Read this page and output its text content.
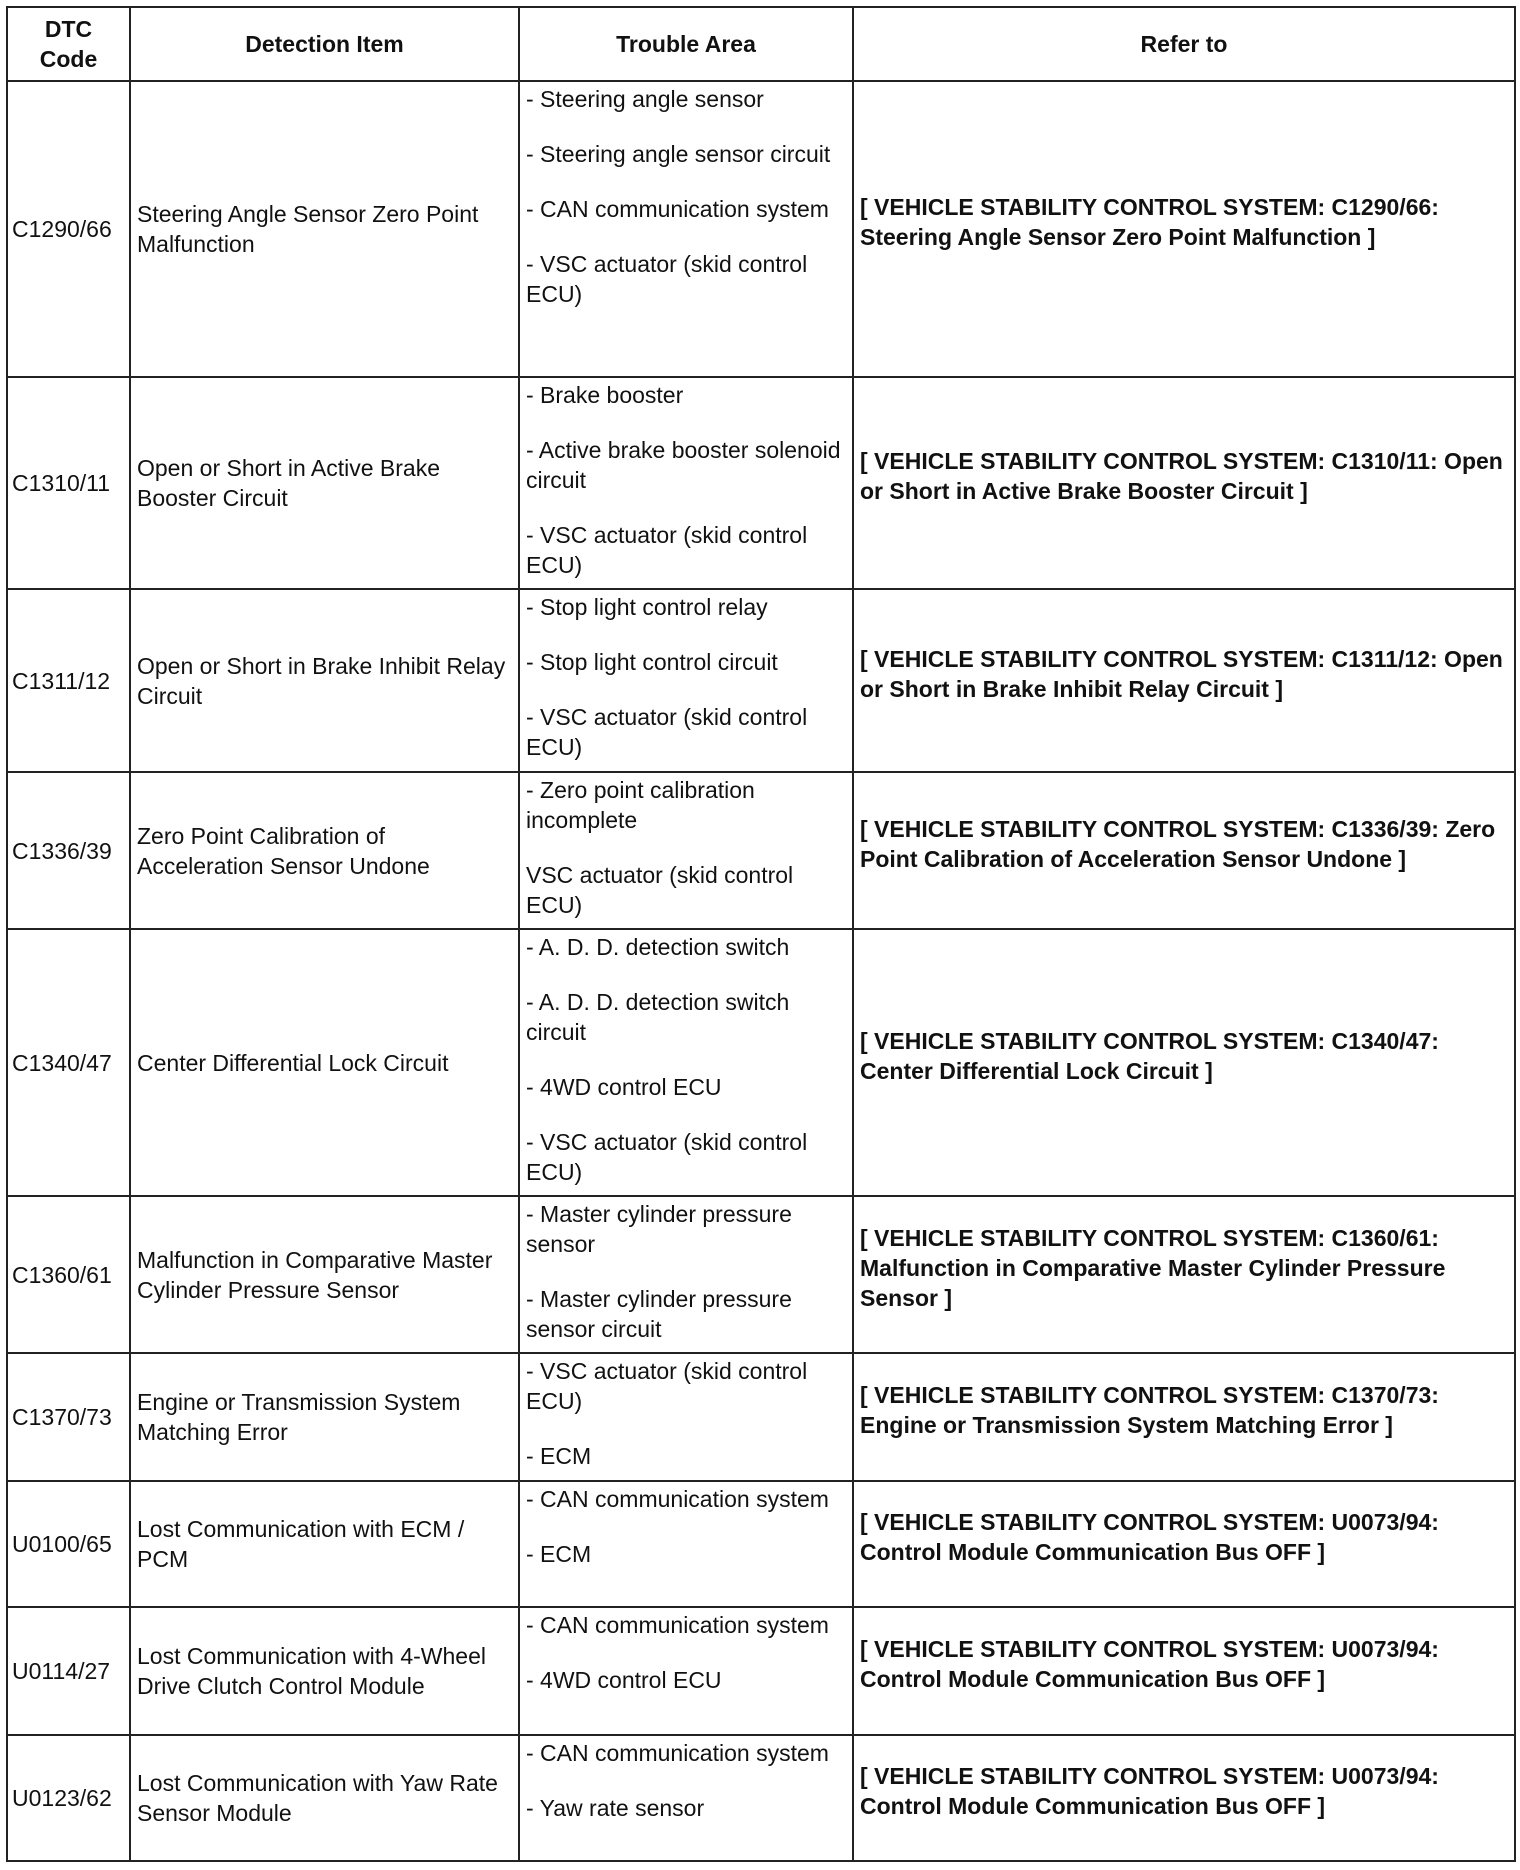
DTC Code	Detection Item	Trouble Area	Refer to
C1290/66	Steering Angle Sensor Zero Point Malfunction	- Steering angle sensor
- Steering angle sensor circuit
- CAN communication system
- VSC actuator (skid control ECU)	[ VEHICLE STABILITY CONTROL SYSTEM: C1290/66: Steering Angle Sensor Zero Point Malfunction ]

C1310/11	Open or Short in Active Brake Booster Circuit	- Brake booster
- Active brake booster solenoid circuit
- VSC actuator (skid control ECU)	[ VEHICLE STABILITY CONTROL SYSTEM: C1310/11: Open or Short in Active Brake Booster Circuit ]

C1311/12	Open or Short in Brake Inhibit Relay Circuit	- Stop light control relay
- Stop light control circuit
- VSC actuator (skid control ECU)	[ VEHICLE STABILITY CONTROL SYSTEM: C1311/12: Open or Short in Brake Inhibit Relay Circuit ]

C1336/39	Zero Point Calibration of Acceleration Sensor Undone	- Zero point calibration incomplete
VSC actuator (skid control ECU)	[ VEHICLE STABILITY CONTROL SYSTEM: C1336/39: Zero Point Calibration of Acceleration Sensor Undone ]

C1340/47	Center Differential Lock Circuit	- A. D. D. detection switch
- A. D. D. detection switch circuit
- 4WD control ECU
- VSC actuator (skid control ECU)	[ VEHICLE STABILITY CONTROL SYSTEM: C1340/47: Center Differential Lock Circuit ]

C1360/61	Malfunction in Comparative Master Cylinder Pressure Sensor	- Master cylinder pressure sensor
- Master cylinder pressure sensor circuit	[ VEHICLE STABILITY CONTROL SYSTEM: C1360/61: Malfunction in Comparative Master Cylinder Pressure Sensor ]

C1370/73	Engine or Transmission System Matching Error	- VSC actuator (skid control ECU)
- ECM	[ VEHICLE STABILITY CONTROL SYSTEM: C1370/73: Engine or Transmission System Matching Error ]

U0100/65	Lost Communication with ECM / PCM	- CAN communication system
- ECM	[ VEHICLE STABILITY CONTROL SYSTEM: U0073/94: Control Module Communication Bus OFF ]

U0114/27	Lost Communication with 4-Wheel Drive Clutch Control Module	- CAN communication system
- 4WD control ECU	[ VEHICLE STABILITY CONTROL SYSTEM: U0073/94: Control Module Communication Bus OFF ]

U0123/62	Lost Communication with Yaw Rate Sensor Module	- CAN communication system
- Yaw rate sensor	[ VEHICLE STABILITY CONTROL SYSTEM: U0073/94: Control Module Communication Bus OFF ]
